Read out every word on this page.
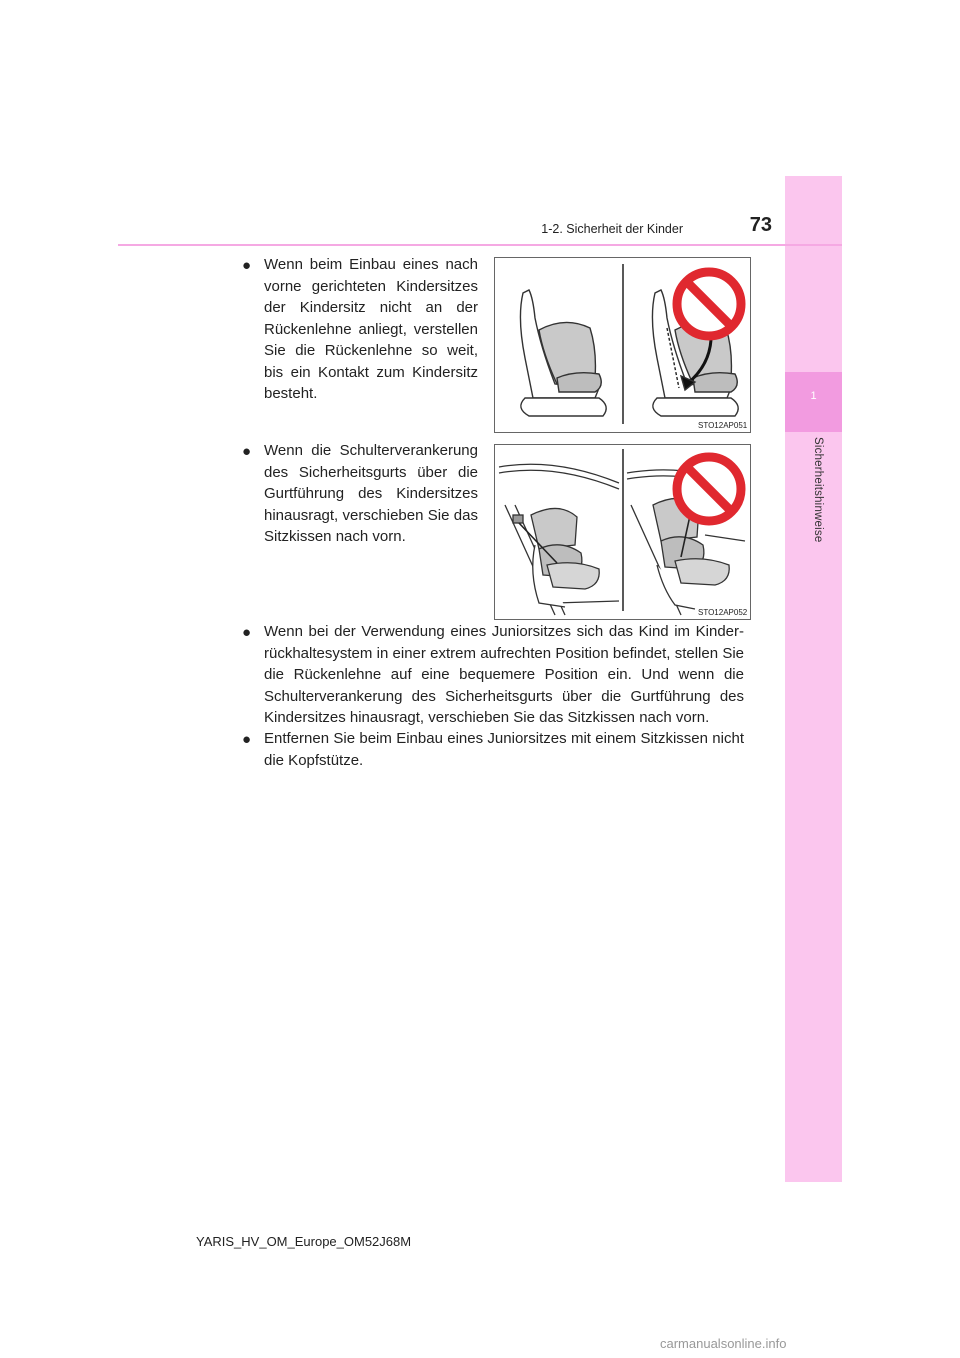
1
Sicherheitshinweise
1-2. Sicherheit der Kinder	73
● Wenn beim Einbau eines nach vorne gerichteten Kindersitzes der Kindersitz nicht an der Rückenlehne anliegt, verstellen Sie die Rückenlehne so weit, bis ein Kontakt zum Kindersitz besteht.
STO12AP051
● Wenn die Schulterverankerung des Sicherheitsgurts über die Gurtführung des Kindersitzes hinausragt, verschieben Sie das Sitzkissen nach vorn.
STO12AP052
● Wenn bei der Verwendung eines Juniorsitzes sich das Kind im Kinder-rückhaltesystem in einer extrem aufrechten Position befindet, stellen Sie die Rückenlehne auf eine bequemere Position ein. Und wenn die Schulterverankerung des Sicherheitsgurts über die Gurtführung des Kindersitzes hinausragt, verschieben Sie das Sitzkissen nach vorn.
● Entfernen Sie beim Einbau eines Juniorsitzes mit einem Sitzkissen nicht die Kopfstütze.
YARIS_HV_OM_Europe_OM52J68M
carmanualsonline.info
